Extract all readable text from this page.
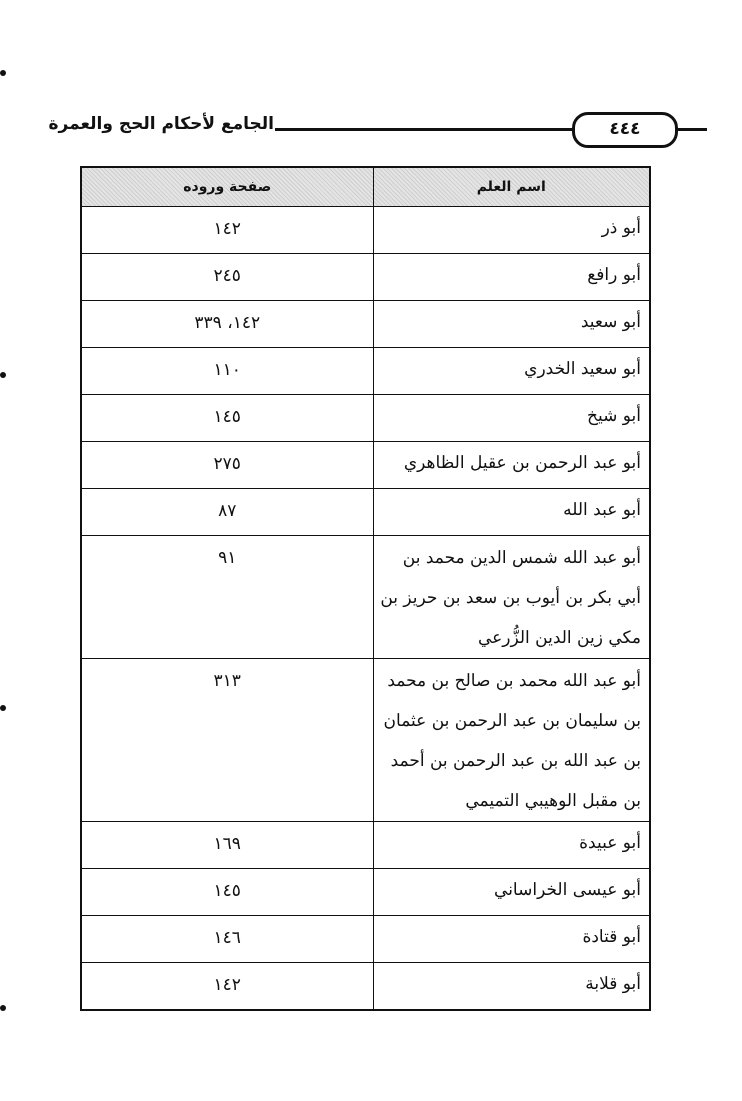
الجامع لأحكام الحج والعمرة	٤٤٤
اسم العلم	صفحة وروده
أبو ذر	١٤٢
أبو رافع	٢٤٥
أبو سعيد	١٤٢، ٣٣٩
أبو سعيد الخدري	١١٠
أبو شيخ	١٤٥
أبو عبد الرحمن بن عقيل الظاهري	٢٧٥
أبو عبد الله	٨٧
أبو عبد الله شمس الدين محمد بن أبي بكر بن أيوب بن سعد بن حريز بن مكي زين الدين الزُّرعي	٩١
أبو عبد الله محمد بن صالح بن محمد بن سليمان بن عبد الرحمن بن عثمان بن عبد الله بن عبد الرحمن بن أحمد بن مقبل الوهيبي التميمي	٣١٣
أبو عبيدة	١٦٩
أبو عيسى الخراساني	١٤٥
أبو قتادة	١٤٦
أبو قلابة	١٤٢
